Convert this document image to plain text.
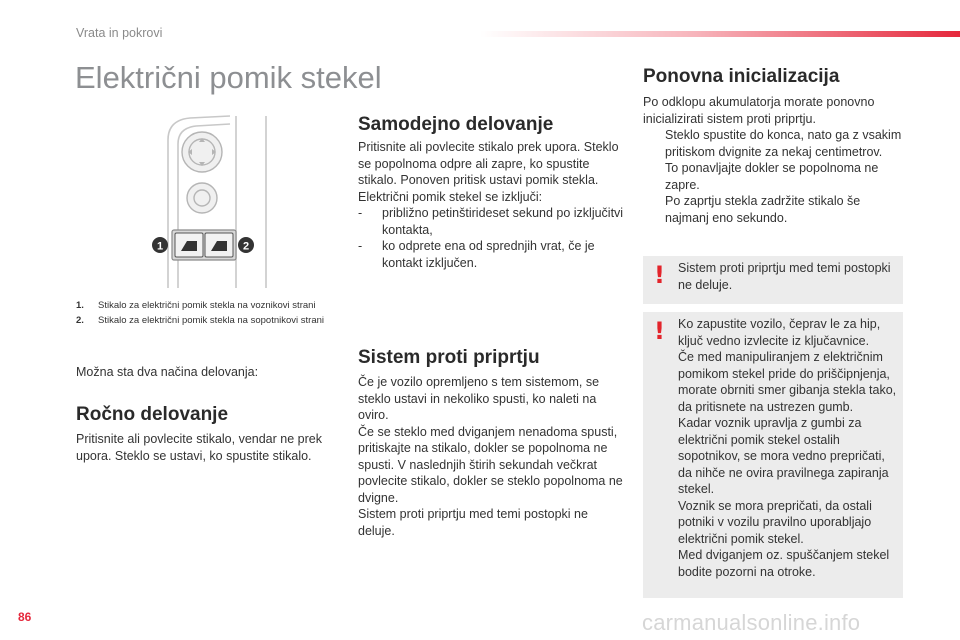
Vrata in pokrovi
Električni pomik stekel
1	2
1. Stikalo za električni pomik stekla na voznikovi strani
2. Stikalo za električni pomik stekla na sopotnikovi strani

Možna sta dva načina delovanja:

Ročno delovanje

Pritisnite ali povlecite stikalo, vendar ne prek upora. Steklo se ustavi, ko spustite stikalo.

Samodejno delovanje

Pritisnite ali povlecite stikalo prek upora. Steklo se popolnoma odpre ali zapre, ko spustite stikalo. Ponoven pritisk ustavi pomik stekla.

Električni pomik stekel se izključi:

- približno petinštirideset sekund po izključitvi kontakta,
- ko odprete ena od sprednjih vrat, če je kontakt izključen.
Sistem proti priprtju

Če je vozilo opremljeno s tem sistemom, se steklo ustavi in nekoliko spusti, ko naleti na oviro.

Če se steklo med dviganjem nenadoma spusti, pritiskajte na stikalo, dokler se popolnoma ne spusti. V naslednjih štirih sekundah večkrat povlecite stikalo, dokler se steklo popolnoma ne dvigne.

Sistem proti priprtju med temi postopki ne deluje.

Ponovna inicializacija

Po odklopu akumulatorja morate ponovno inicializirati sistem proti priprtju.

Steklo spustite do konca, nato ga z vsakim pritiskom dvignite za nekaj centimetrov.
To ponavljajte dokler se popolnoma ne zapre.
Po zaprtju stekla zadržite stikalo še najmanj eno sekundo.
! Sistem proti priprtju med temi postopki ne deluje.

! Ko zapustite vozilo, čeprav le za hip, ključ vedno izvlecite iz ključavnice.

Če med manipuliranjem z električnim pomikom stekel pride do priščipnjenja, morate obrniti smer gibanja stekla tako, da pritisnete na ustrezen gumb.

Kadar voznik upravlja z gumbi za električni pomik stekel ostalih sopotnikov, se mora vedno prepričati, da nihče ne ovira pravilnega zapiranja stekel.

Voznik se mora prepričati, da ostali potniki v vozilu pravilno uporabljajo električni pomik stekel.

Med dviganjem oz. spuščanjem stekel bodite pozorni na otroke.

86	carmanualsonline.info
